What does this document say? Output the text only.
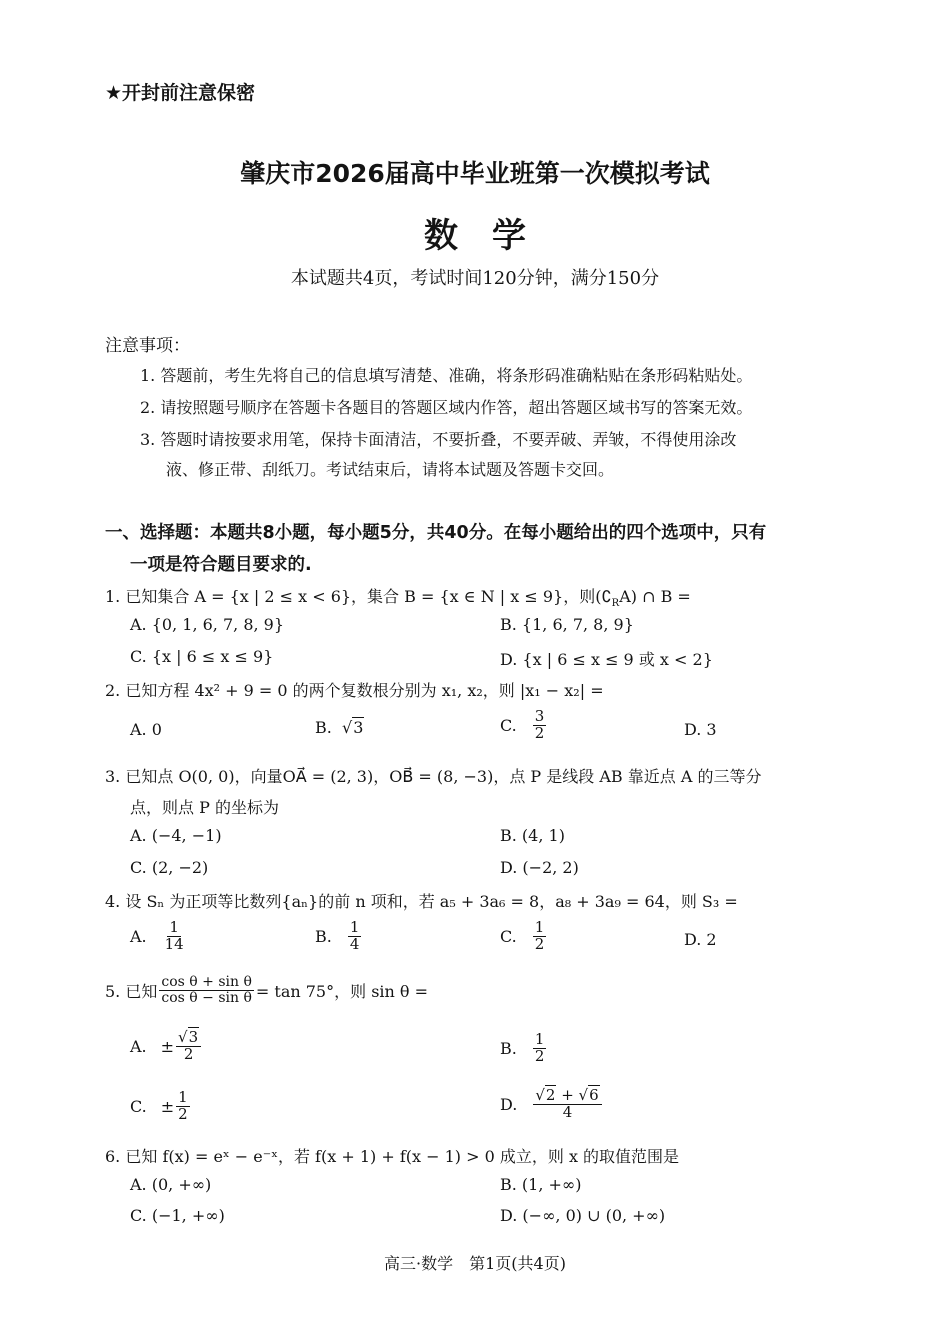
★开封前注意保密
肇庆市2026届高中毕业班第一次模拟考试
数　学
本试题共4页，考试时间120分钟，满分150分
注意事项：
1. 答题前，考生先将自己的信息填写清楚、准确，将条形码准确粘贴在条形码粘贴处。
2. 请按照题号顺序在答题卡各题目的答题区域内作答，超出答题区域书写的答案无效。
3. 答题时请按要求用笔，保持卡面清洁，不要折叠，不要弄破、弄皱，不得使用涂改
液、修正带、刮纸刀。考试结束后，请将本试题及答题卡交回。
一、选择题：本题共8小题，每小题5分，共40分。在每小题给出的四个选项中，只有
一项是符合题目要求的.
1. 已知集合 A = {x | 2 ≤ x < 6}，集合 B = {x ∈ N | x ≤ 9}，则$(∁_RA)$ ∩ B =
A. {0, 1, 6, 7, 8, 9}	B. {1, 6, 7, 8, 9}
C. {x | 6 ≤ x ≤ 9}	D. {x | 6 ≤ x ≤ 9 或 x < 2}
2. 已知方程 4x² + 9 = 0 的两个复数根分别为 x₁, x₂，则 |x₁ − x₂| =
A. 0	B.  √3	C. $\frac{3}{2}$	D. 3
3. 已知点 O(0, 0)，向量OA⃗ = (2, 3)，OB⃗ = (8, −3)，点 P 是线段 AB 靠近点 A 的三等分
点，则点 P 的坐标为
A. (−4, −1)	B. (4, 1)
C. (2, −2)	D. (−2, 2)
4. 设 Sₙ 为正项等比数列{aₙ}的前 n 项和，若 a₅ + 3a₆ = 8，a₈ + 3a₉ = 64，则 S₃ =
A. $\frac{1}{14}$	B. $\frac{1}{4}$	C. $\frac{1}{2}$	D. 2
5. 已知 $\frac{\text{cos θ + sin θ}}{\text{cos θ − sin θ}} = \tan 75^\circ$，则 sin θ =
A. ± $\frac{√3}{2}$	B. $\frac{1}{2}$
C. ± $\frac{1}{2}$	D. $\frac{√2 + √6}{4}$
6. 已知 f(x) = eˣ − e⁻ˣ，若 f(x + 1) + f(x − 1) > 0 成立，则 x 的取值范围是
A. (0, +∞)	B. (1, +∞)
C. (−1, +∞)	D. (−∞, 0) ∪ (0, +∞)
高三·数学　第1页(共4页)
